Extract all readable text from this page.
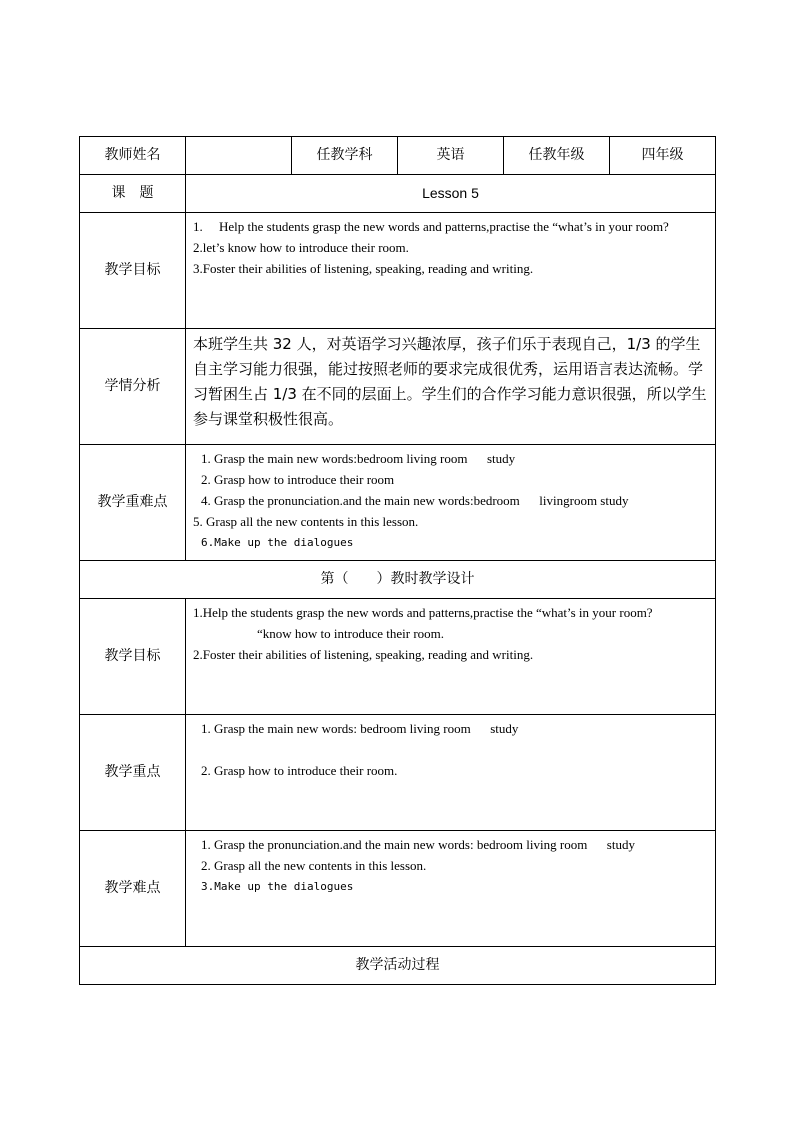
教师姓名		任教学科	英语	任教年级	四年级
课　题	Lesson 5				
教学目标	1.　 Help the students grasp the new words and patterns,practise the “what’s in your room?
2.let’s know how to introduce their room.
3.Foster their abilities of listening, speaking, reading and writing.				

学情分析	本班学生共 32 人，对英语学习兴趣浓厚，孩子们乐于表现自己，1/3 的学生自主学习能力很强，能过按照老师的要求完成很优秀，运用语言表达流畅。学习暂困生占 1/3 在不同的层面上。学生们的合作学习能力意识很强，所以学生参与课堂积极性很高。				

教学重难点	1. Grasp the main new words:bedroom living room 　 study
2. Grasp how to introduce their room
4. Grasp the pronunciation.and the main new words:bedroom 　 livingroom study
5. Grasp all the new contents in this lesson.
6.Make up the dialogues				

第（　　）教时教学设计					
教学目标	1.Help the students grasp the new words and patterns,practise the “what’s in your room?
“know how to introduce their room.
2.Foster their abilities of listening, speaking, reading and writing.				

教学重点	1. Grasp the main new words: bedroom living room 　 study
2. Grasp how to introduce their room.				

教学难点	1. Grasp the pronunciation.and the main new words: bedroom living room 　 study
2. Grasp all the new contents in this lesson.
3.Make up the dialogues				

教学活动过程					
